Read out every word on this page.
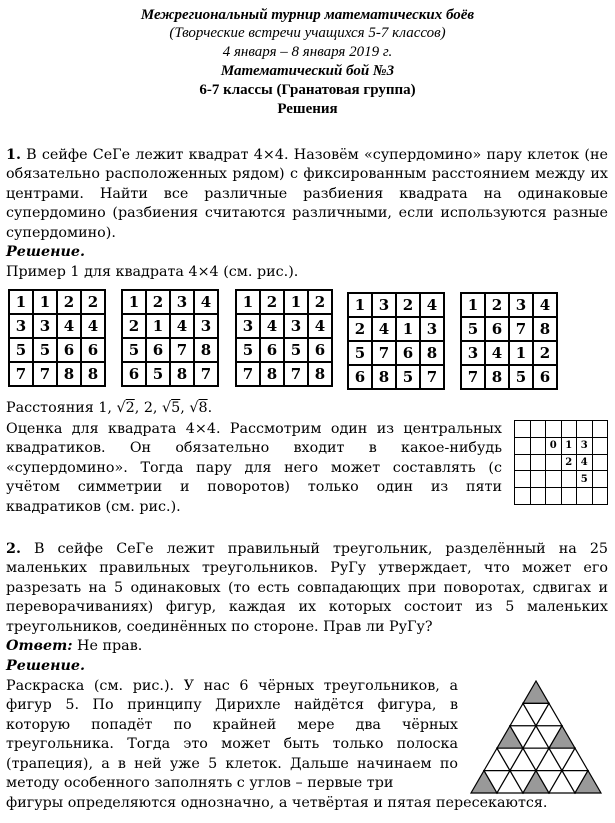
Межрегиональный турнир математических боёв
(Творческие встречи учащихся 5-7 классов)
4 января – 8 января 2019 г.
Математический бой №3
6-7 классы (Гранатовая группа)
Решения
1. В сейфе СеГе лежит квадрат 4×4. Назовём «супердомино» пару клеток (не обязательно расположенных рядом) с фиксированным расстоянием между их центрами. Найти все различные разбиения квадрата на одинаковые супердомино (разбиения считаются различными, если используются разные супердомино).
Решение.
Пример 1 для квадрата 4×4 (см. рис.).
1	1	2	2
3	3	4	4
5	5	6	6
7	7	8	8
1	2	3	4
2	1	4	3
5	6	7	8
6	5	8	7
1	2	1	2
3	4	3	4
5	6	5	6
7	8	7	8
1	3	2	4
2	4	1	3
5	7	6	8
6	8	5	7
1	2	3	4
5	6	7	8
3	4	1	2
7	8	5	6
Расстояния 1, √2, 2, √5, √8.
Оценка для квадрата 4×4. Рассмотрим один из центральных квадратиков. Он обязательно входит в какое-нибудь «супердомино». Тогда пару для него может составлять (с учётом симметрии и поворотов) только один из пяти квадратиков (см. рис.).

		0	1	3	
			2	4	
				5	

2. В сейфе СеГе лежит правильный треугольник, разделённый на 25 маленьких правильных треугольников. РуГу утверждает, что может его разрезать на 5 одинаковых (то есть совпадающих при поворотах, сдвигах и переворачиваниях) фигур, каждая их которых состоит из 5 маленьких треугольников, соединённых по стороне. Прав ли РуГу?
Ответ: Не прав.
Решение.
Раскраска (см. рис.). У нас 6 чёрных треугольников, а фигур 5. По принципу Дирихле найдётся фигура, в которую попадёт по крайней мере два чёрных треугольника. Тогда это может быть только полоска (трапеция), а в ней уже 5 клеток. Дальше начинаем по методу особенного заполнять с углов – первые три
фигуры определяются однозначно, а четвёртая и пятая пересекаются.
